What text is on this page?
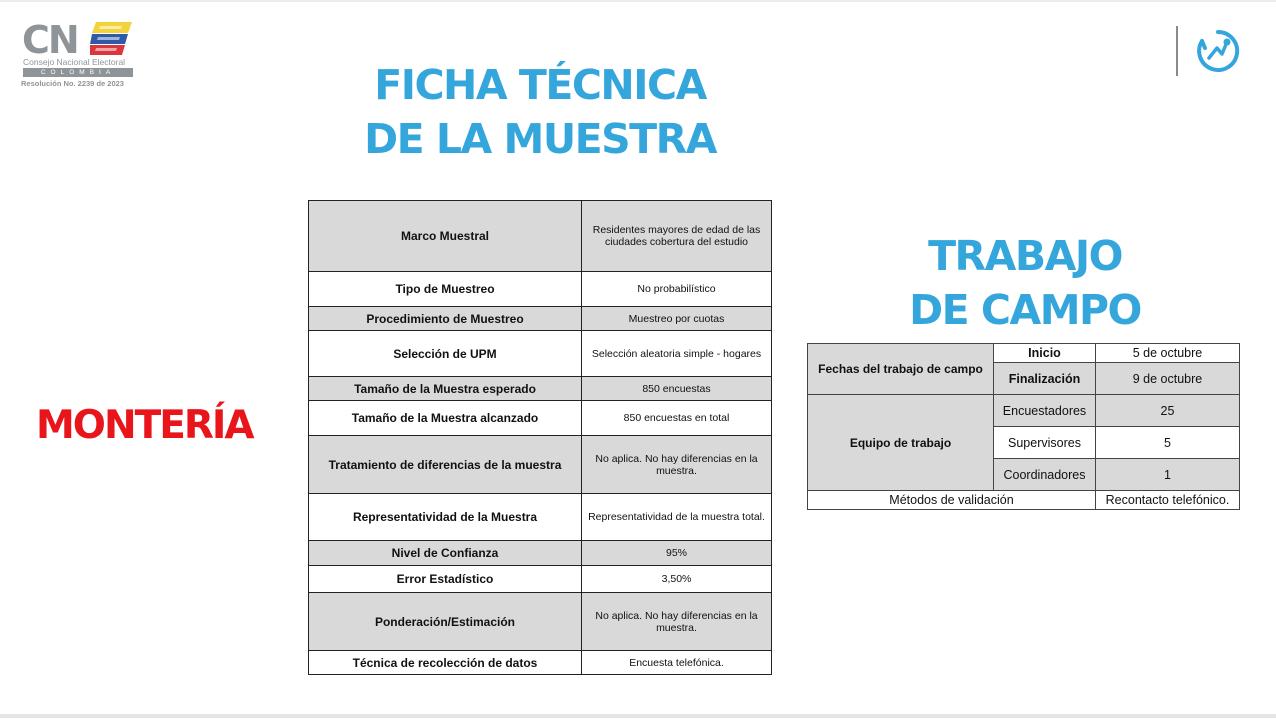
CN
Consejo Nacional Electoral
COLOMBIA
Resolución No. 2239 de 2023	FICHA TÉCNICA
DE LA MUESTRA
TRABAJO
DE CAMPO
MONTERÍA
Marco Muestral	Residentes mayores de edad de las ciudades cobertura del estudio
Tipo de Muestreo	No probabilístico
Procedimiento de Muestreo	Muestreo por cuotas
Selección de UPM	Selección aleatoria simple - hogares
Tamaño de la Muestra esperado	850 encuestas
Tamaño de la Muestra alcanzado	850 encuestas en total
Tratamiento de diferencias de la muestra	No aplica. No hay diferencias en la muestra.
Representatividad de la Muestra	Representatividad de la muestra total.
Nivel de Confianza	95%
Error Estadístico	3,50%
Ponderación/Estimación	No aplica. No hay diferencias en la muestra.
Técnica de recolección de datos	Encuesta telefónica.
Fechas del trabajo de campo	Inicio	5 de octubre
	Finalización	9 de octubre
Equipo de trabajo	Encuestadores	25
	Supervisores	5
	Coordinadores	1
Métodos de validación		Recontacto telefónico.
